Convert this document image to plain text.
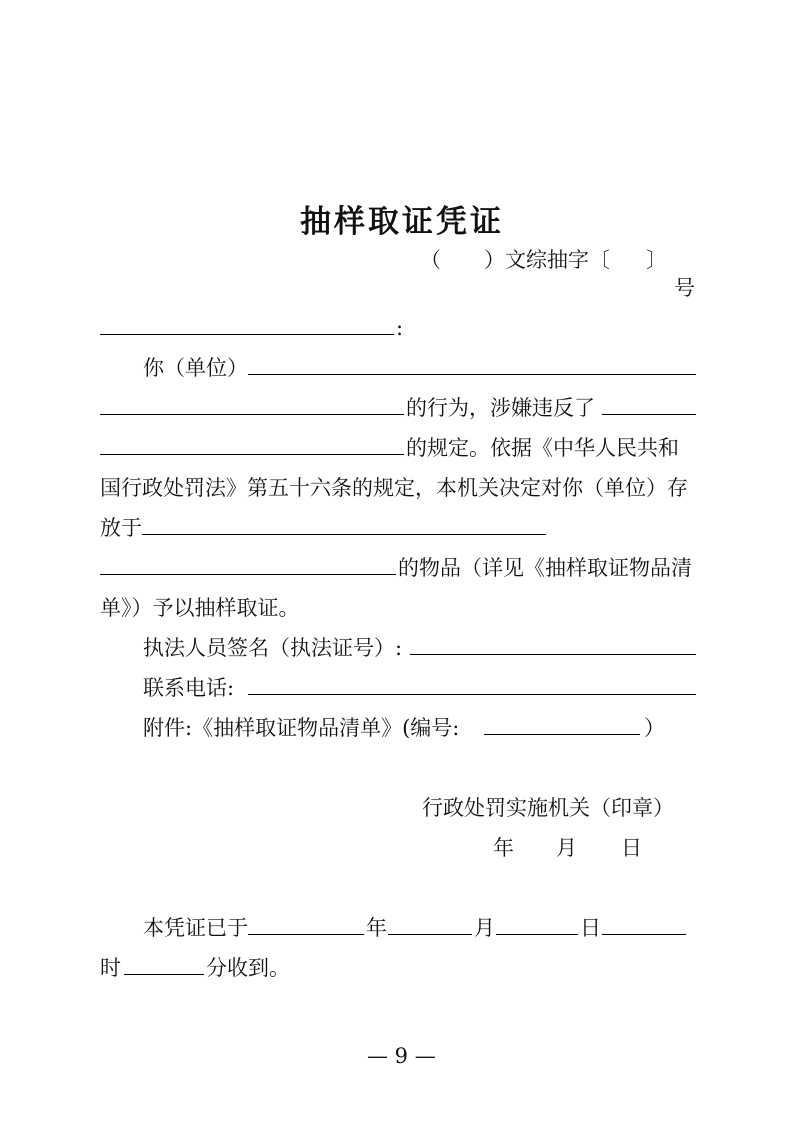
抽样取证凭证
（ ）文综抽字〔 〕
号
:
你（单位）
的行为，涉嫌违反了
的规定。依据《中华人民共和
国行政处罚法》第五十六条的规定，本机关决定对你（单位）存
放于
的物品（详见《抽样取证物品清
单》）予以抽样取证。
执法人员签名（执法证号）:
联系电话:
附件:《抽样取证物品清单》(编号:	）
行政处罚实施机关（印章）
年 月 日
本凭证已于	年	月	日
时	分收到。
— 9 —
